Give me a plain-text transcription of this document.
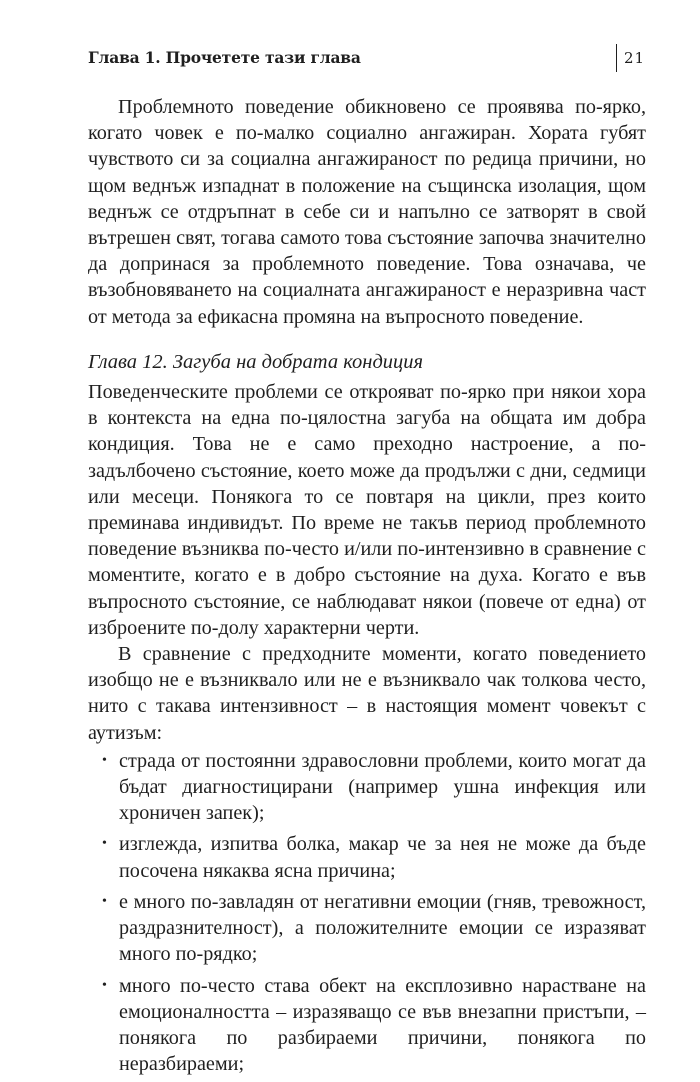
Глава 1. Прочетете тази глава	21

Проблемното поведение обикновено се проявява по-ярко, когато човек е по-малко социално ангажиран. Хората губят чувството си за социална ангажираност по редица причини, но щом веднъж изпаднат в положение на същинска изолация, щом веднъж се отдръпнат в себе си и напълно се затворят в свой вътрешен свят, тогава самото това състояние започва значително да допринася за проблемното поведение. Това означава, че възобновяването на социалната ангажираност е неразривна част от метода за ефикасна промяна на въпросното поведение.

Глава 12. Загуба на добрата кондиция

Поведенческите проблеми се открояват по-ярко при някои хора в контекста на една по-цялостна загуба на общата им добра кондиция. Това не е само преходно настроение, а по-задълбочено състояние, което може да продължи с дни, седмици или месеци. Понякога то се повтаря на цикли, през които преминава индивидът. По време не такъв период проблемното поведение възниква по-често и/или по-интензивно в сравнение с моментите, когато е в добро състояние на духа. Когато е във въпросното състояние, се наблюдават някои (повече от една) от изброените по-долу характерни черти.

В сравнение с предходните моменти, когато поведението изобщо не е възниквало или не е възниквало чак толкова често, нито с такава интензивност – в настоящия момент човекът с аутизъм:

• страда от постоянни здравословни проблеми, които могат да бъдат диагностицирани (например ушна инфекция или хроничен запек);
• изглежда, изпитва болка, макар че за нея не може да бъде посочена някаква ясна причина;
• е много по-завладян от негативни емоции (гняв, тревожност, раздразнителност), а положителните емоции се изразяват много по-рядко;
• много по-често става обект на експлозивно нарастване на емоционалността – изразяващо се във внезапни пристъпи, – понякога по разбираеми причини, понякога по неразбираеми;
